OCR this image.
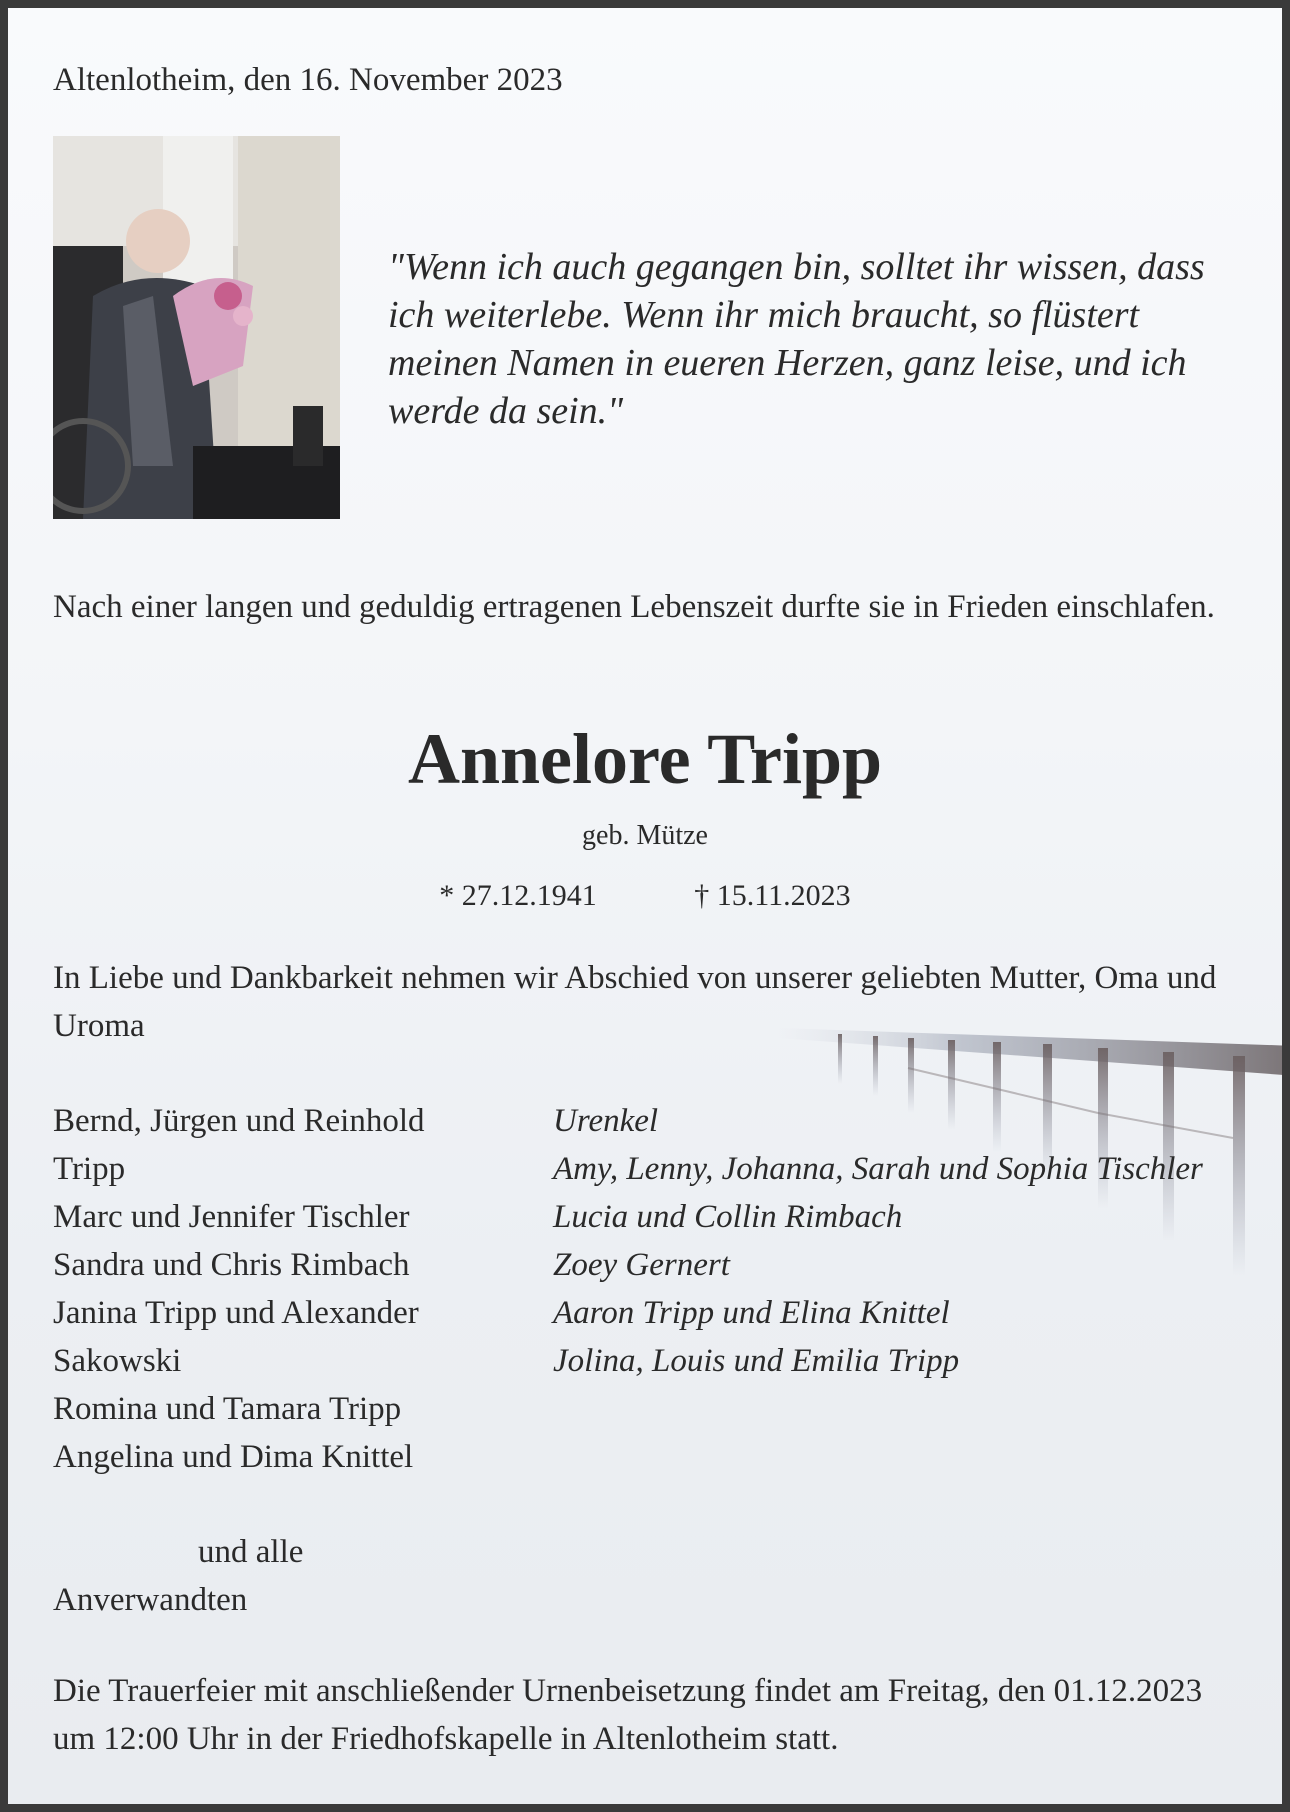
Altenlotheim, den 16. November 2023
"Wenn ich auch gegangen bin, solltet ihr wissen, dass ich weiterlebe. Wenn ihr mich braucht, so flüstert meinen Namen in eueren Herzen, ganz leise, und ich werde da sein."
Nach einer langen und geduldig ertragenen Lebenszeit durfte sie in Frieden einschlafen.
Annelore Tripp
geb. Mütze
* 27.12.1941	† 15.11.2023
In Liebe und Dankbarkeit nehmen wir Abschied von unserer geliebten Mutter, Oma und Uroma
Bernd, Jürgen und Reinhold Tripp
Marc und Jennifer Tischler
Sandra und Chris Rimbach
Janina Tripp und Alexander Sakowski
Romina und Tamara Tripp
Angelina und Dima Knittel
Urenkel
Amy, Lenny, Johanna, Sarah und Sophia Tischler
Lucia und Collin Rimbach
Zoey Gernert
Aaron Tripp und Elina Knittel
Jolina, Louis und Emilia Tripp
und alle
Anverwandten
Die Trauerfeier mit anschließender Urnenbeisetzung findet am Freitag, den 01.12.2023 um 12:00 Uhr in der Friedhofskapelle in Altenlotheim statt.
